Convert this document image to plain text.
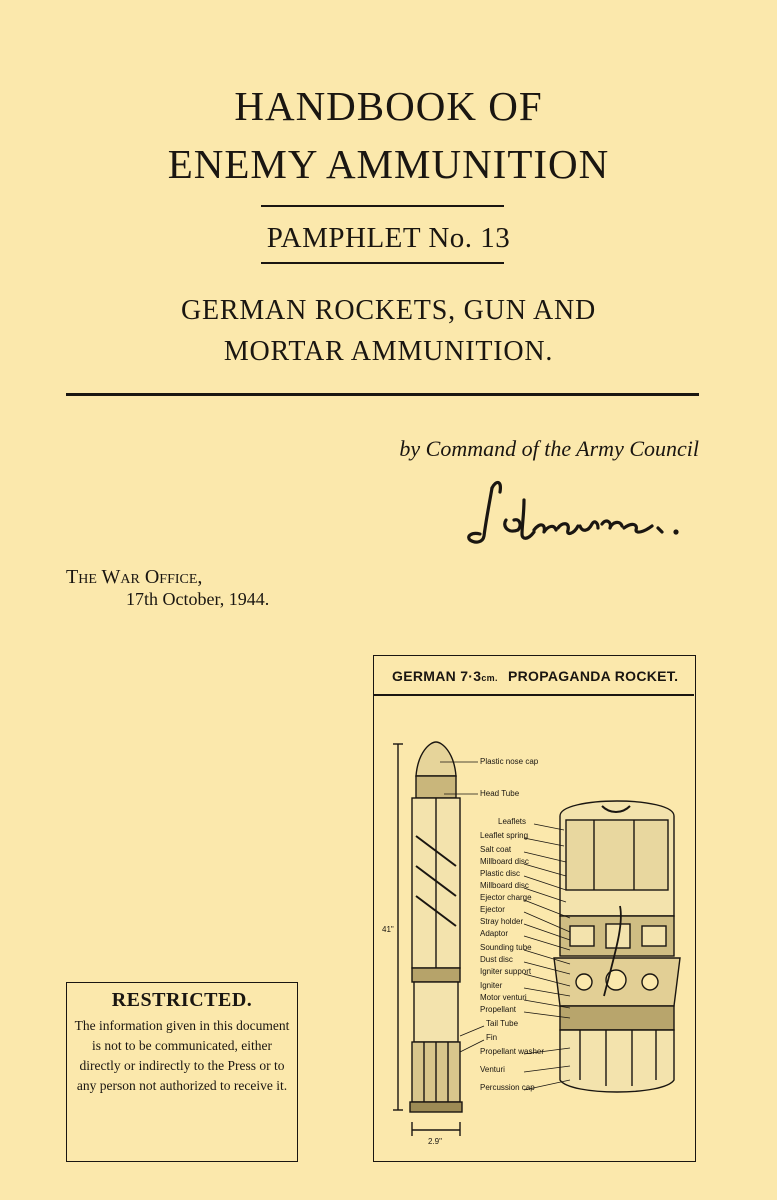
HANDBOOK OF
ENEMY AMMUNITION
PAMPHLET No. 13
GERMAN ROCKETS, GUN AND
MORTAR AMMUNITION.
by Command of the Army Council
The War Office,
17th October, 1944.
RESTRICTED.

The information given in this document is not to be communicated, either directly or indirectly to the Press or to any person not authorized to receive it.

GERMAN 7·3cm. PROPAGANDA ROCKET.
Plastic nose cap
Head Tube
Leaflets
Leaflet spring
Salt coat
Millboard disc
Plastic disc
Millboard disc
Ejector charge
Ejector
Stray holder
Adaptor
Sounding tube
Dust disc
Igniter support
Igniter
Motor venturi
Propellant
Tail Tube
Fin
Propellant washer
Venturi
Percussion cap
41"
2.9"
